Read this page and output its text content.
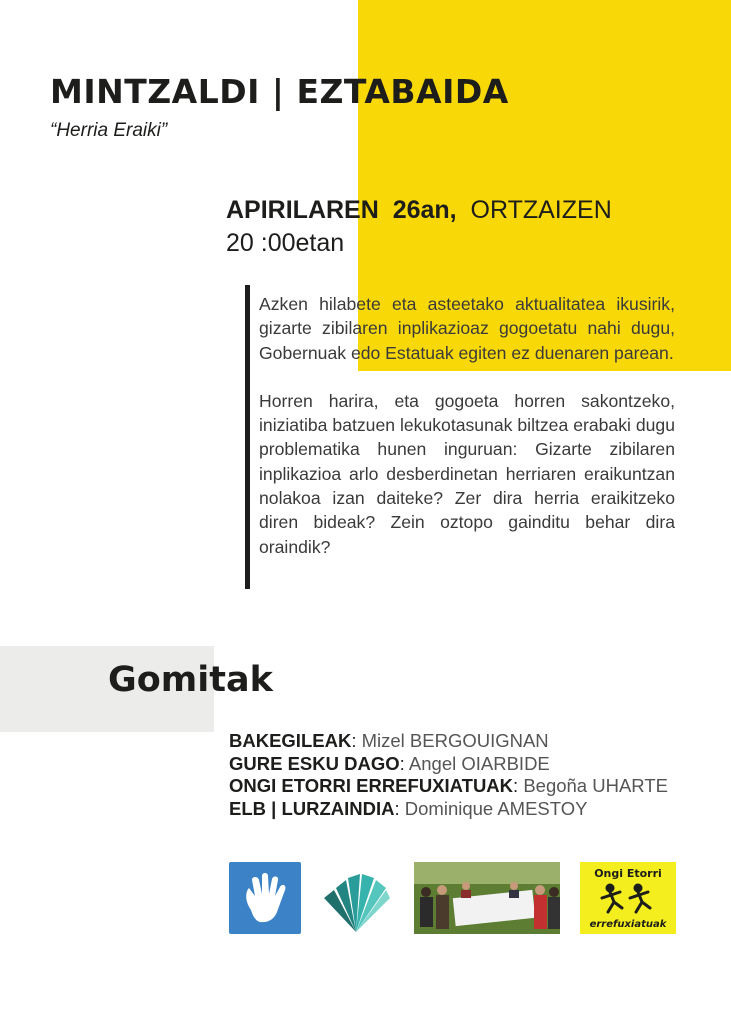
MINTZALDI | EZTABAIDA
“Herria Eraiki”
APIRILAREN 26an, ORTZAIZEN
20 :00etan

Azken hilabete eta asteetako aktualitatea ikusirik, gizarte zibilaren inplikazioaz gogoetatu nahi dugu, Gobernuak edo Estatuak egiten ez duenaren parean.

Horren harira, eta gogoeta horren sakontzeko, iniziatiba batzuen lekukotasunak biltzea erabaki dugu problematika hunen inguruan: Gizarte zibilaren inplikazioa arlo desberdinetan herriaren eraikuntzan nolakoa izan daiteke? Zer dira herria eraikitzeko diren bideak? Zein oztopo gainditu behar dira oraindik?

Gomitak
BAKEGILEAK: Mizel BERGOUIGNAN
GURE ESKU DAGO: Angel OIARBIDE
ONGI ETORRI ERREFUXIATUAK: Begoña UHARTE
ELB | LURZAINDIA: Dominique AMESTOY
Ongi Etorri
errefuxiatuak
